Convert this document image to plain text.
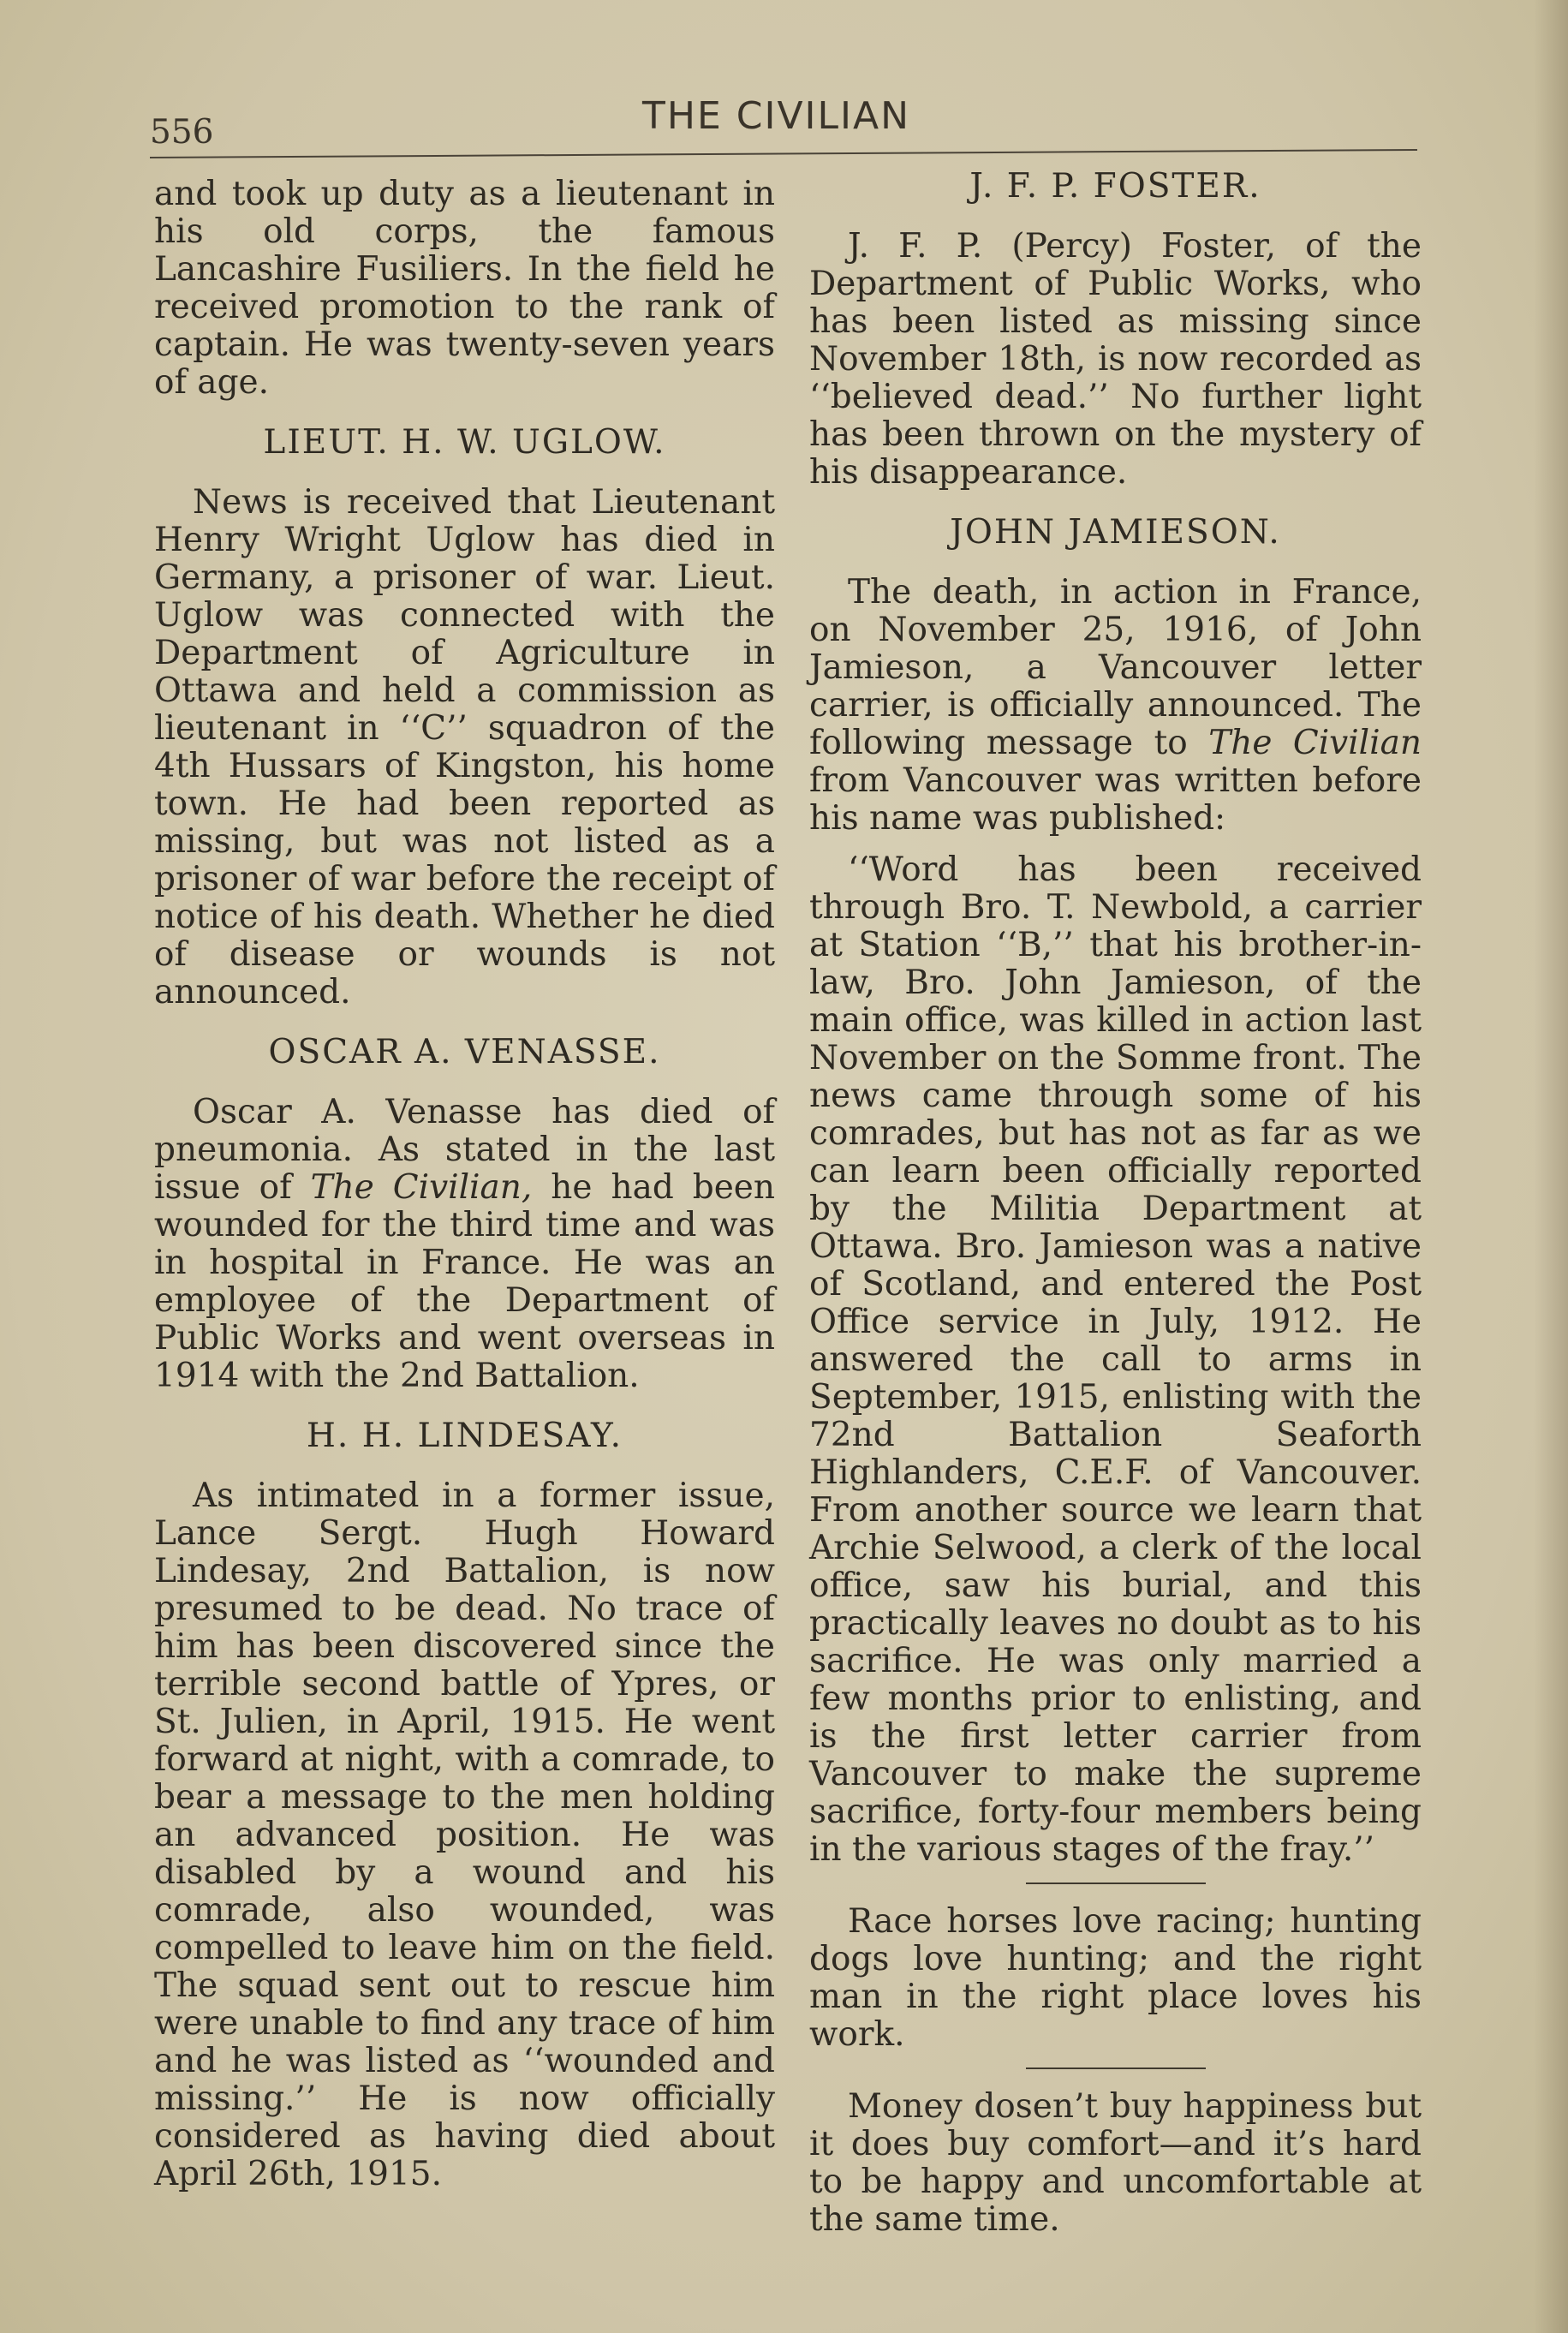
556	THE CIVILIAN

and took up duty as a lieutenant in his old corps, the famous Lancashire Fusiliers. In the field he received promotion to the rank of captain. He was twenty-seven years of age.

LIEUT. H. W. UGLOW.

News is received that Lieutenant Henry Wright Uglow has died in Germany, a prisoner of war. Lieut. Uglow was connected with the Department of Agriculture in Ottawa and held a commission as lieutenant in ‘‘C’’ squadron of the 4th Hussars of Kingston, his home town. He had been reported as missing, but was not listed as a prisoner of war before the receipt of notice of his death. Whether he died of disease or wounds is not announced.

OSCAR A. VENASSE.

Oscar A. Venasse has died of pneumonia. As stated in the last issue of The Civilian, he had been wounded for the third time and was in hospital in France. He was an employee of the Department of Public Works and went overseas in 1914 with the 2nd Battalion.

H. H. LINDESAY.

As intimated in a former issue, Lance Sergt. Hugh Howard Lindesay, 2nd Battalion, is now presumed to be dead. No trace of him has been discovered since the terrible second battle of Ypres, or St. Julien, in April, 1915. He went forward at night, with a comrade, to bear a message to the men holding an advanced position. He was disabled by a wound and his comrade, also wounded, was compelled to leave him on the field. The squad sent out to rescue him were unable to find any trace of him and he was listed as ‘‘wounded and missing.’’ He is now officially considered as having died about April 26th, 1915.

J. F. P. FOSTER.

J. F. P. (Percy) Foster, of the Department of Public Works, who has been listed as missing since November 18th, is now recorded as ‘‘believed dead.’’ No further light has been thrown on the mystery of his disappearance.

JOHN JAMIESON.

The death, in action in France, on November 25, 1916, of John Jamieson, a Vancouver letter carrier, is officially announced. The following message to The Civilian from Vancouver was written before his name was published:

‘‘Word has been received through Bro. T. Newbold, a carrier at Station ‘‘B,’’ that his brother-in-law, Bro. John Jamieson, of the main office, was killed in action last November on the Somme front. The news came through some of his comrades, but has not as far as we can learn been officially reported by the Militia Department at Ottawa. Bro. Jamieson was a native of Scotland, and entered the Post Office service in July, 1912. He answered the call to arms in September, 1915, enlisting with the 72nd Battalion Seaforth Highlanders, C.E.F. of Vancouver. From another source we learn that Archie Selwood, a clerk of the local office, saw his burial, and this practically leaves no doubt as to his sacrifice. He was only married a few months prior to enlisting, and is the first letter carrier from Vancouver to make the supreme sacrifice, forty-four members being in the various stages of the fray.’’

Race horses love racing; hunting dogs love hunting; and the right man in the right place loves his work.

Money dosen’t buy happiness but it does buy comfort—and it’s hard to be happy and uncomfortable at the same time.
